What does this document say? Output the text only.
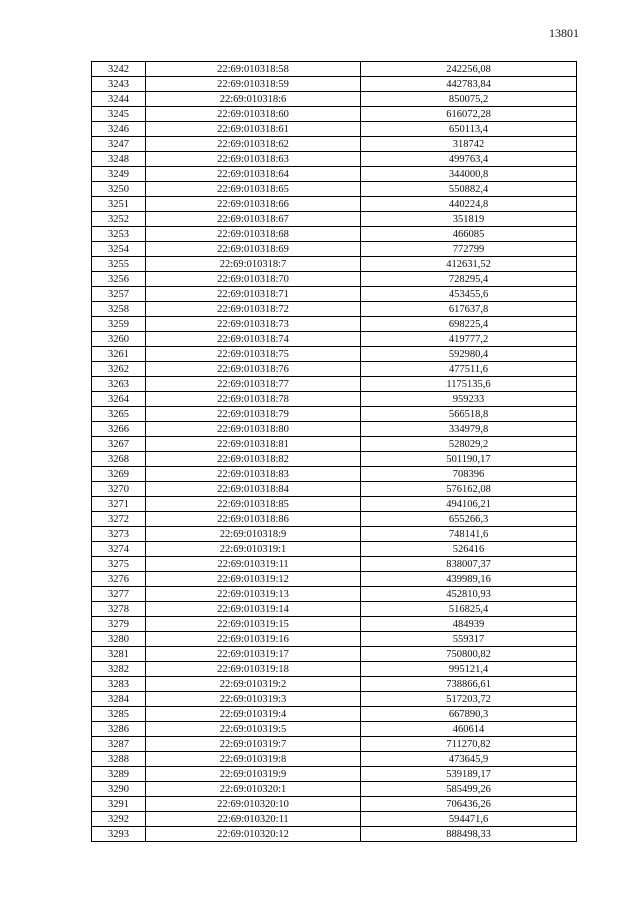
13801
3242	22:69:010318:58	242256,08
3243	22:69:010318:59	442783,84
3244	22:69:010318:6	850075,2
3245	22:69:010318:60	616072,28
3246	22:69:010318:61	650113,4
3247	22:69:010318:62	318742
3248	22:69:010318:63	499763,4
3249	22:69:010318:64	344000,8
3250	22:69:010318:65	550882,4
3251	22:69:010318:66	440224,8
3252	22:69:010318:67	351819
3253	22:69:010318:68	466085
3254	22:69:010318:69	772799
3255	22:69:010318:7	412631,52
3256	22:69:010318:70	728295,4
3257	22:69:010318:71	453455,6
3258	22:69:010318:72	617637,8
3259	22:69:010318:73	698225,4
3260	22:69:010318:74	419777,2
3261	22:69:010318:75	592980,4
3262	22:69:010318:76	477511,6
3263	22:69:010318:77	1175135,6
3264	22:69:010318:78	959233
3265	22:69:010318:79	566518,8
3266	22:69:010318:80	334979,8
3267	22:69:010318:81	528029,2
3268	22:69:010318:82	501190,17
3269	22:69:010318:83	708396
3270	22:69:010318:84	576162,08
3271	22:69:010318:85	494106,21
3272	22:69:010318:86	655266,3
3273	22:69:010318:9	748141,6
3274	22:69:010319:1	526416
3275	22:69:010319:11	838007,37
3276	22:69:010319:12	439989,16
3277	22:69:010319:13	452810,93
3278	22:69:010319:14	516825,4
3279	22:69:010319:15	484939
3280	22:69:010319:16	559317
3281	22:69:010319:17	750800,82
3282	22:69:010319:18	995121,4
3283	22:69:010319:2	738866,61
3284	22:69:010319:3	517203,72
3285	22:69:010319:4	667890,3
3286	22:69:010319:5	460614
3287	22:69:010319:7	711270,82
3288	22:69:010319:8	473645,9
3289	22:69:010319:9	539189,17
3290	22:69:010320:1	585499,26
3291	22:69:010320:10	706436,26
3292	22:69:010320:11	594471,6
3293	22:69:010320:12	888498,33
